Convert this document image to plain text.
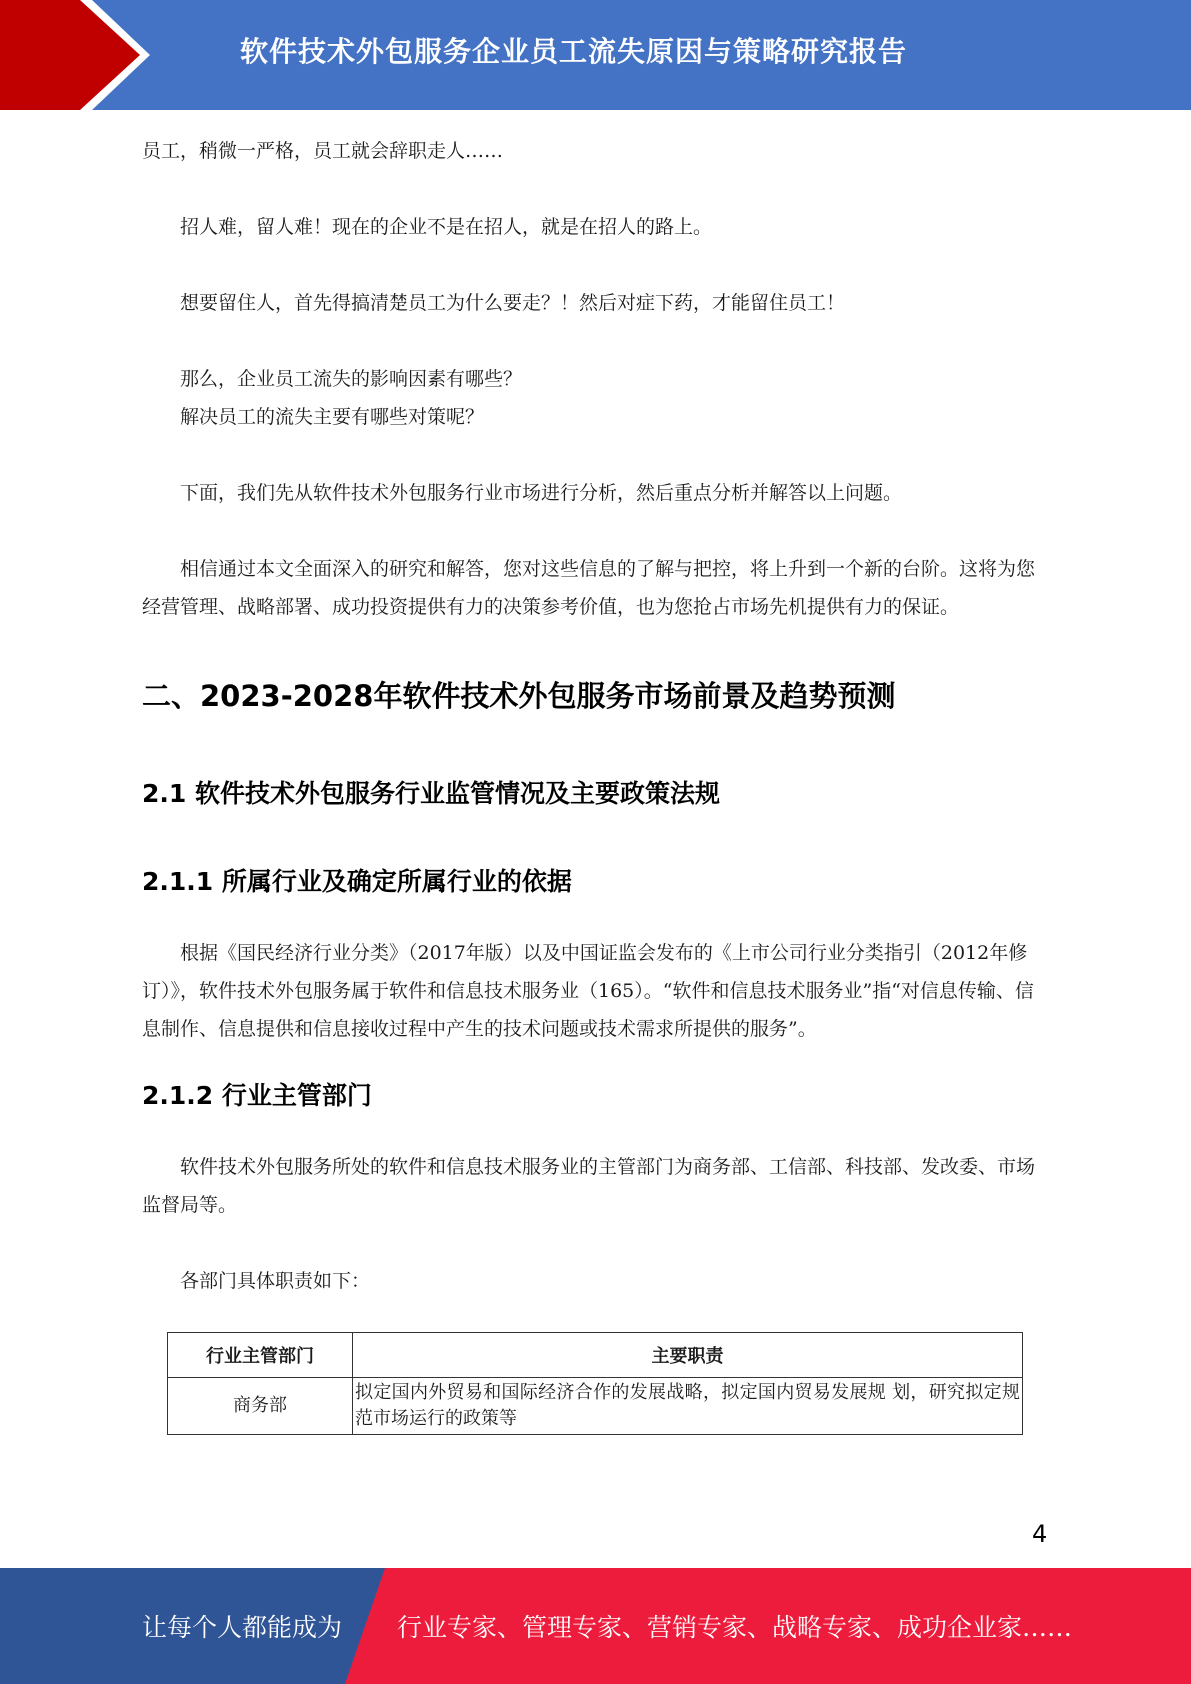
软件技术外包服务企业员工流失原因与策略研究报告

员工，稍微一严格，员工就会辞职走人……

招人难，留人难！现在的企业不是在招人，就是在招人的路上。

想要留住人，首先得搞清楚员工为什么要走？！然后对症下药，才能留住员工！

那么，企业员工流失的影响因素有哪些？

解决员工的流失主要有哪些对策呢？

下面，我们先从软件技术外包服务行业市场进行分析，然后重点分析并解答以上问题。

相信通过本文全面深入的研究和解答，您对这些信息的了解与把控，将上升到一个新的台阶。这将为您经营管理、战略部署、成功投资提供有力的决策参考价值，也为您抢占市场先机提供有力的保证。

二、2023-2028年软件技术外包服务市场前景及趋势预测
2.1 软件技术外包服务行业监管情况及主要政策法规
2.1.1 所属行业及确定所属行业的依据

根据《国民经济行业分类》（2017年版）以及中国证监会发布的《上市公司行业分类指引（2012年修订）》，软件技术外包服务属于软件和信息技术服务业（165）。“软件和信息技术服务业”指“对信息传输、信息制作、信息提供和信息接收过程中产生的技术问题或技术需求所提供的服务”。

2.1.2 行业主管部门

软件技术外包服务所处的软件和信息技术服务业的主管部门为商务部、工信部、科技部、发改委、市场监督局等。

各部门具体职责如下：

行业主管部门	主要职责
商务部	拟定国内外贸易和国际经济合作的发展战略，拟定国内贸易发展规 划，研究拟定规范市场运行的政策等
4
让每个人都能成为 行业专家、管理专家、营销专家、战略专家、成功企业家……
